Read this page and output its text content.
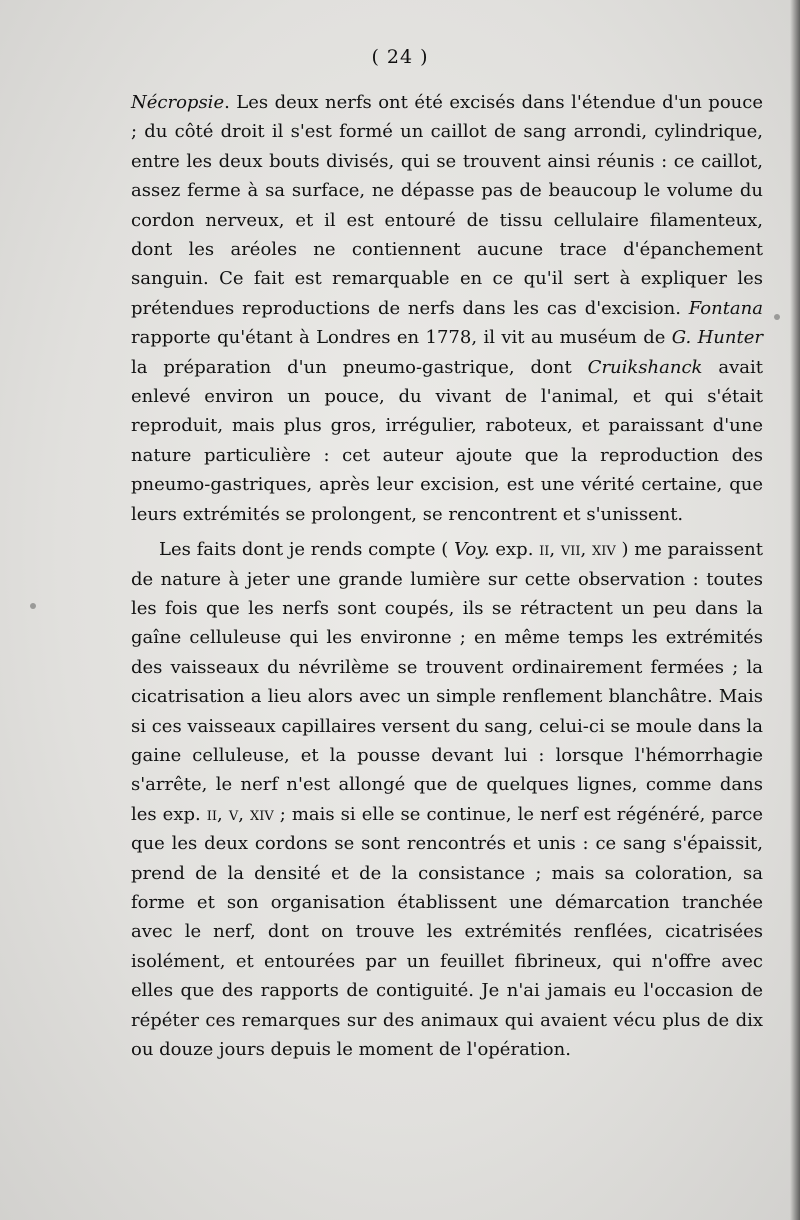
( 24 )

Nécropsie. Les deux nerfs ont été excisés dans l'étendue d'un pouce ; du côté droit il s'est formé un caillot de sang arrondi, cylindrique, entre les deux bouts divisés, qui se trouvent ainsi réunis : ce caillot, assez ferme à sa surface, ne dépasse pas de beaucoup le volume du cordon nerveux, et il est entouré de tissu cellulaire filamenteux, dont les aréoles ne contiennent aucune trace d'épanchement sanguin. Ce fait est remarquable en ce qu'il sert à expliquer les prétendues reproductions de nerfs dans les cas d'excision. Fontana rapporte qu'étant à Londres en 1778, il vit au muséum de G. Hunter la préparation d'un pneumo-gastrique, dont Cruikshanck avait enlevé environ un pouce, du vivant de l'animal, et qui s'était reproduit, mais plus gros, irrégulier, raboteux, et paraissant d'une nature particulière : cet auteur ajoute que la reproduction des pneumo-gastriques, après leur excision, est une vérité certaine, que leurs extrémités se prolongent, se rencontrent et s'unissent.

Les faits dont je rends compte ( Voy. exp. ii, vii, xiv ) me paraissent de nature à jeter une grande lumière sur cette observation : toutes les fois que les nerfs sont coupés, ils se rétractent un peu dans la gaîne celluleuse qui les environne ; en même temps les extrémités des vaisseaux du névrilème se trouvent ordinairement fermées ; la cicatrisation a lieu alors avec un simple renflement blanchâtre. Mais si ces vaisseaux capillaires versent du sang, celui-ci se moule dans la gaine celluleuse, et la pousse devant lui : lorsque l'hémorrhagie s'arrête, le nerf n'est allongé que de quelques lignes, comme dans les exp. ii, v, xiv ; mais si elle se continue, le nerf est régénéré, parce que les deux cordons se sont rencontrés et unis : ce sang s'épaissit, prend de la densité et de la consistance ; mais sa coloration, sa forme et son organisation établissent une démarcation tranchée avec le nerf, dont on trouve les extrémités renflées, cicatrisées isolément, et entourées par un feuillet fibrineux, qui n'offre avec elles que des rapports de contiguité. Je n'ai jamais eu l'occasion de répéter ces remarques sur des animaux qui avaient vécu plus de dix ou douze jours depuis le moment de l'opération.
